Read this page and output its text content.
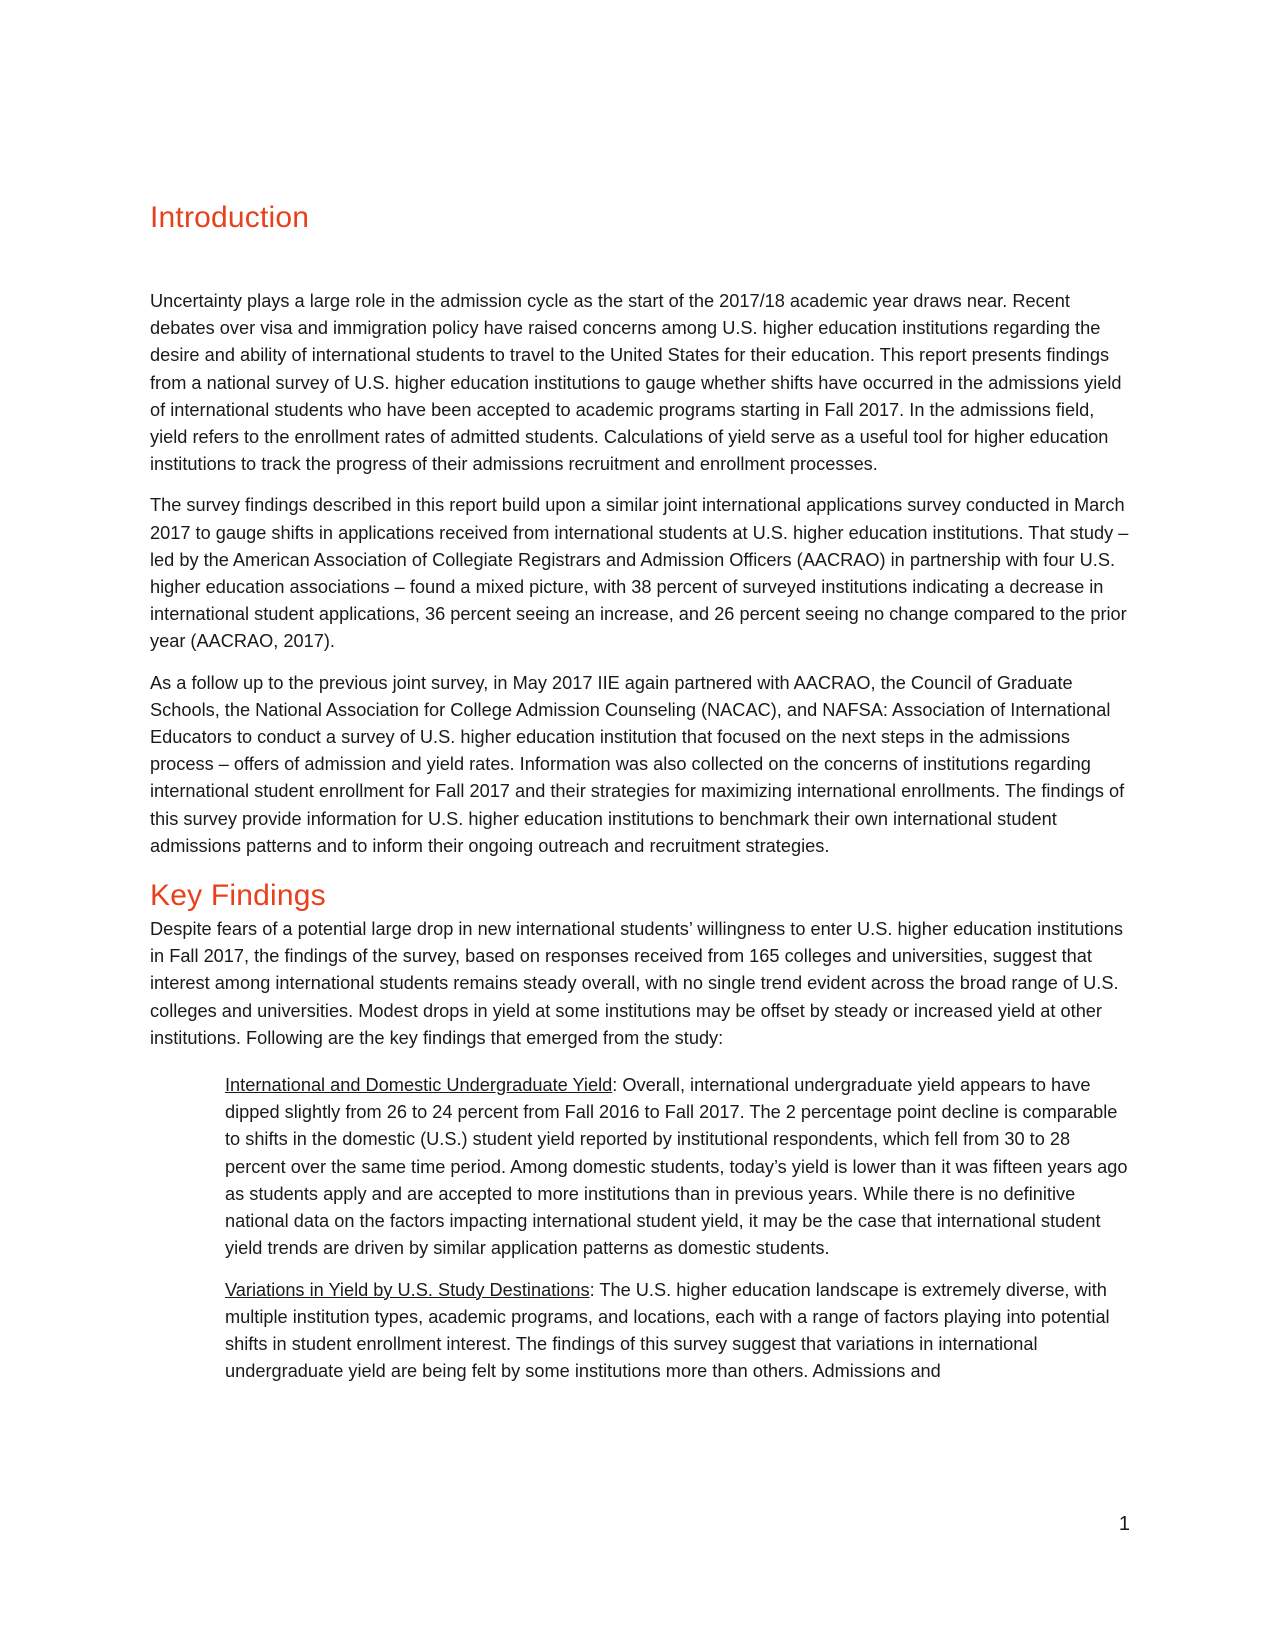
Introduction

Uncertainty plays a large role in the admission cycle as the start of the 2017/18 academic year draws near. Recent debates over visa and immigration policy have raised concerns among U.S. higher education institutions regarding the desire and ability of international students to travel to the United States for their education. This report presents findings from a national survey of U.S. higher education institutions to gauge whether shifts have occurred in the admissions yield of international students who have been accepted to academic programs starting in Fall 2017. In the admissions field, yield refers to the enrollment rates of admitted students. Calculations of yield serve as a useful tool for higher education institutions to track the progress of their admissions recruitment and enrollment processes.

The survey findings described in this report build upon a similar joint international applications survey conducted in March 2017 to gauge shifts in applications received from international students at U.S. higher education institutions. That study – led by the American Association of Collegiate Registrars and Admission Officers (AACRAO) in partnership with four U.S. higher education associations – found a mixed picture, with 38 percent of surveyed institutions indicating a decrease in international student applications, 36 percent seeing an increase, and 26 percent seeing no change compared to the prior year (AACRAO, 2017).

As a follow up to the previous joint survey, in May 2017 IIE again partnered with AACRAO, the Council of Graduate Schools, the National Association for College Admission Counseling (NACAC), and NAFSA: Association of International Educators to conduct a survey of U.S. higher education institution that focused on the next steps in the admissions process – offers of admission and yield rates. Information was also collected on the concerns of institutions regarding international student enrollment for Fall 2017 and their strategies for maximizing international enrollments. The findings of this survey provide information for U.S. higher education institutions to benchmark their own international student admissions patterns and to inform their ongoing outreach and recruitment strategies.

Key Findings

Despite fears of a potential large drop in new international students’ willingness to enter U.S. higher education institutions in Fall 2017, the findings of the survey, based on responses received from 165 colleges and universities, suggest that interest among international students remains steady overall, with no single trend evident across the broad range of U.S. colleges and universities. Modest drops in yield at some institutions may be offset by steady or increased yield at other institutions. Following are the key findings that emerged from the study:

International and Domestic Undergraduate Yield: Overall, international undergraduate yield appears to have dipped slightly from 26 to 24 percent from Fall 2016 to Fall 2017. The 2 percentage point decline is comparable to shifts in the domestic (U.S.) student yield reported by institutional respondents, which fell from 30 to 28 percent over the same time period. Among domestic students, today’s yield is lower than it was fifteen years ago as students apply and are accepted to more institutions than in previous years. While there is no definitive national data on the factors impacting international student yield, it may be the case that international student yield trends are driven by similar application patterns as domestic students.
Variations in Yield by U.S. Study Destinations: The U.S. higher education landscape is extremely diverse, with multiple institution types, academic programs, and locations, each with a range of factors playing into potential shifts in student enrollment interest. The findings of this survey suggest that variations in international undergraduate yield are being felt by some institutions more than others. Admissions and
1
